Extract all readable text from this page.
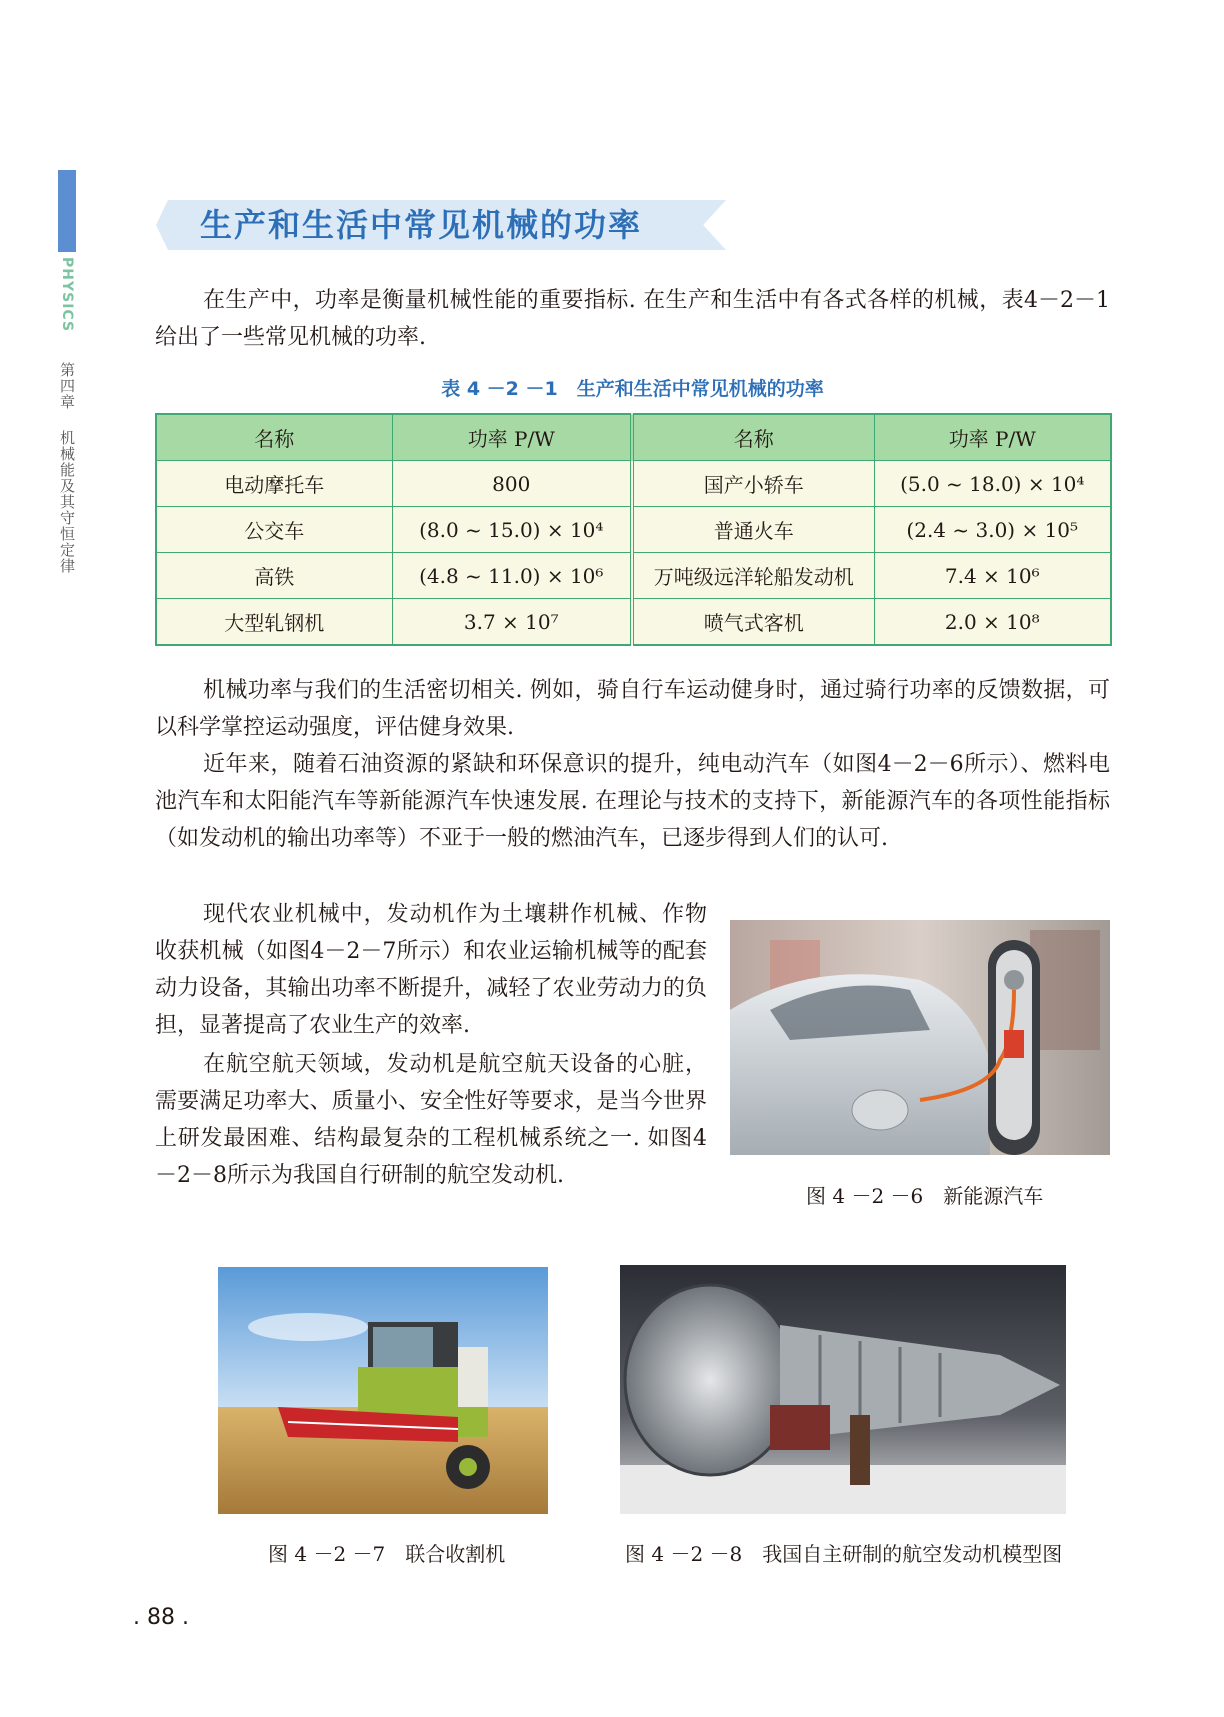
PHYSICS
第四章
机械能及其守恒定律
生产和生活中常见机械的功率

在生产中，功率是衡量机械性能的重要指标. 在生产和生活中有各式各样的机械，表4－2－1给出了一些常见机械的功率.

表 4 －2 －1　生产和生活中常见机械的功率
名称	功率 P/W	名称	功率 P/W
电动摩托车	800	国产小轿车	(5.0 ~ 18.0) × 10⁴
公交车	(8.0 ~ 15.0) × 10⁴	普通火车	(2.4 ~ 3.0) × 10⁵
高铁	(4.8 ~ 11.0) × 10⁶	万吨级远洋轮船发动机	7.4 × 10⁶
大型轧钢机	3.7 × 10⁷	喷气式客机	2.0 × 10⁸

机械功率与我们的生活密切相关. 例如，骑自行车运动健身时，通过骑行功率的反馈数据，可以科学掌控运动强度，评估健身效果.

近年来，随着石油资源的紧缺和环保意识的提升，纯电动汽车（如图4－2－6所示）、燃料电池汽车和太阳能汽车等新能源汽车快速发展. 在理论与技术的支持下，新能源汽车的各项性能指标（如发动机的输出功率等）不亚于一般的燃油汽车，已逐步得到人们的认可.

现代农业机械中，发动机作为土壤耕作机械、作物收获机械（如图4－2－7所示）和农业运输机械等的配套动力设备，其输出功率不断提升，减轻了农业劳动力的负担，显著提高了农业生产的效率.

在航空航天领域，发动机是航空航天设备的心脏，需要满足功率大、质量小、安全性好等要求，是当今世界上研发最困难、结构最复杂的工程机械系统之一. 如图4－2－8所示为我国自行研制的航空发动机.

图 4 －2 －6　新能源汽车
图 4 －2 －7　联合收割机	图 4 －2 －8　我国自主研制的航空发动机模型图
. 88 .
